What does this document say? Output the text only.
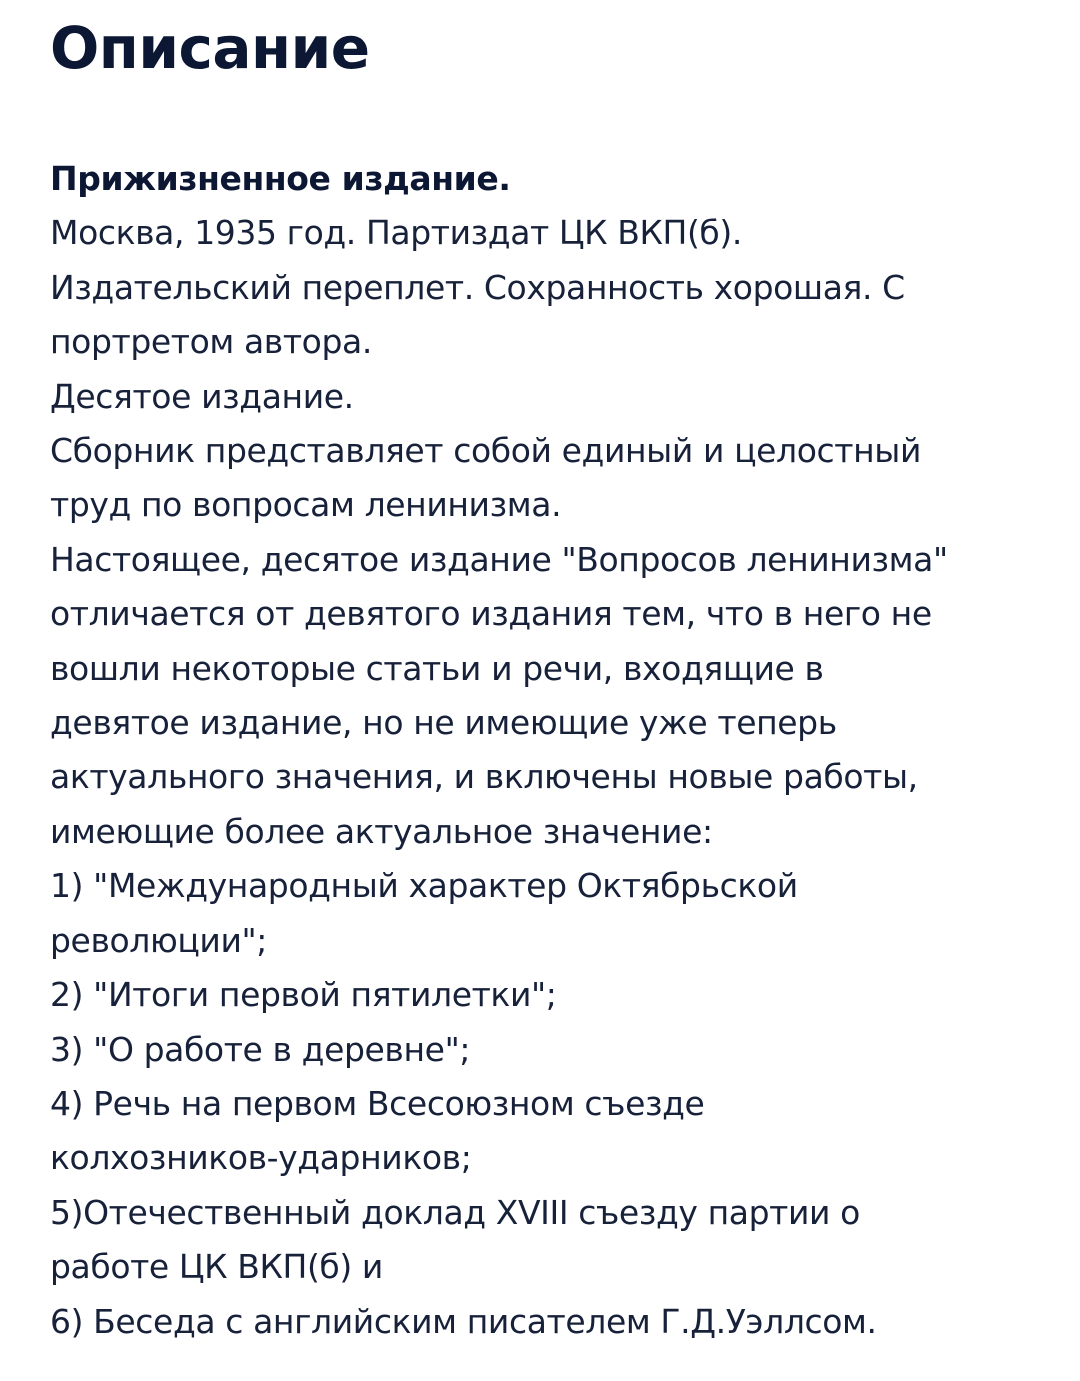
Описание
Прижизненное издание.
Москва, 1935 год. Партиздат ЦК ВКП(б).
Издательский переплет. Сохранность хорошая. С
портретом автора.
Десятое издание.
Сборник представляет собой единый и целостный
труд по вопросам ленинизма.
Настоящее, десятое издание "Вопросов ленинизма"
отличается от девятого издания тем, что в него не
вошли некоторые статьи и речи, входящие в
девятое издание, но не имеющие уже теперь
актуального значения, и включены новые работы,
имеющие более актуальное значение:
1) "Международный характер Октябрьской
революции";
2) "Итоги первой пятилетки";
3) "О работе в деревне";
4) Речь на первом Всесоюзном съезде
колхозников-ударников;
5)Отечественный доклад XVIII съезду партии о
работе ЦК ВКП(б) и
6) Беседа с английским писателем Г.Д.Уэллсом.
